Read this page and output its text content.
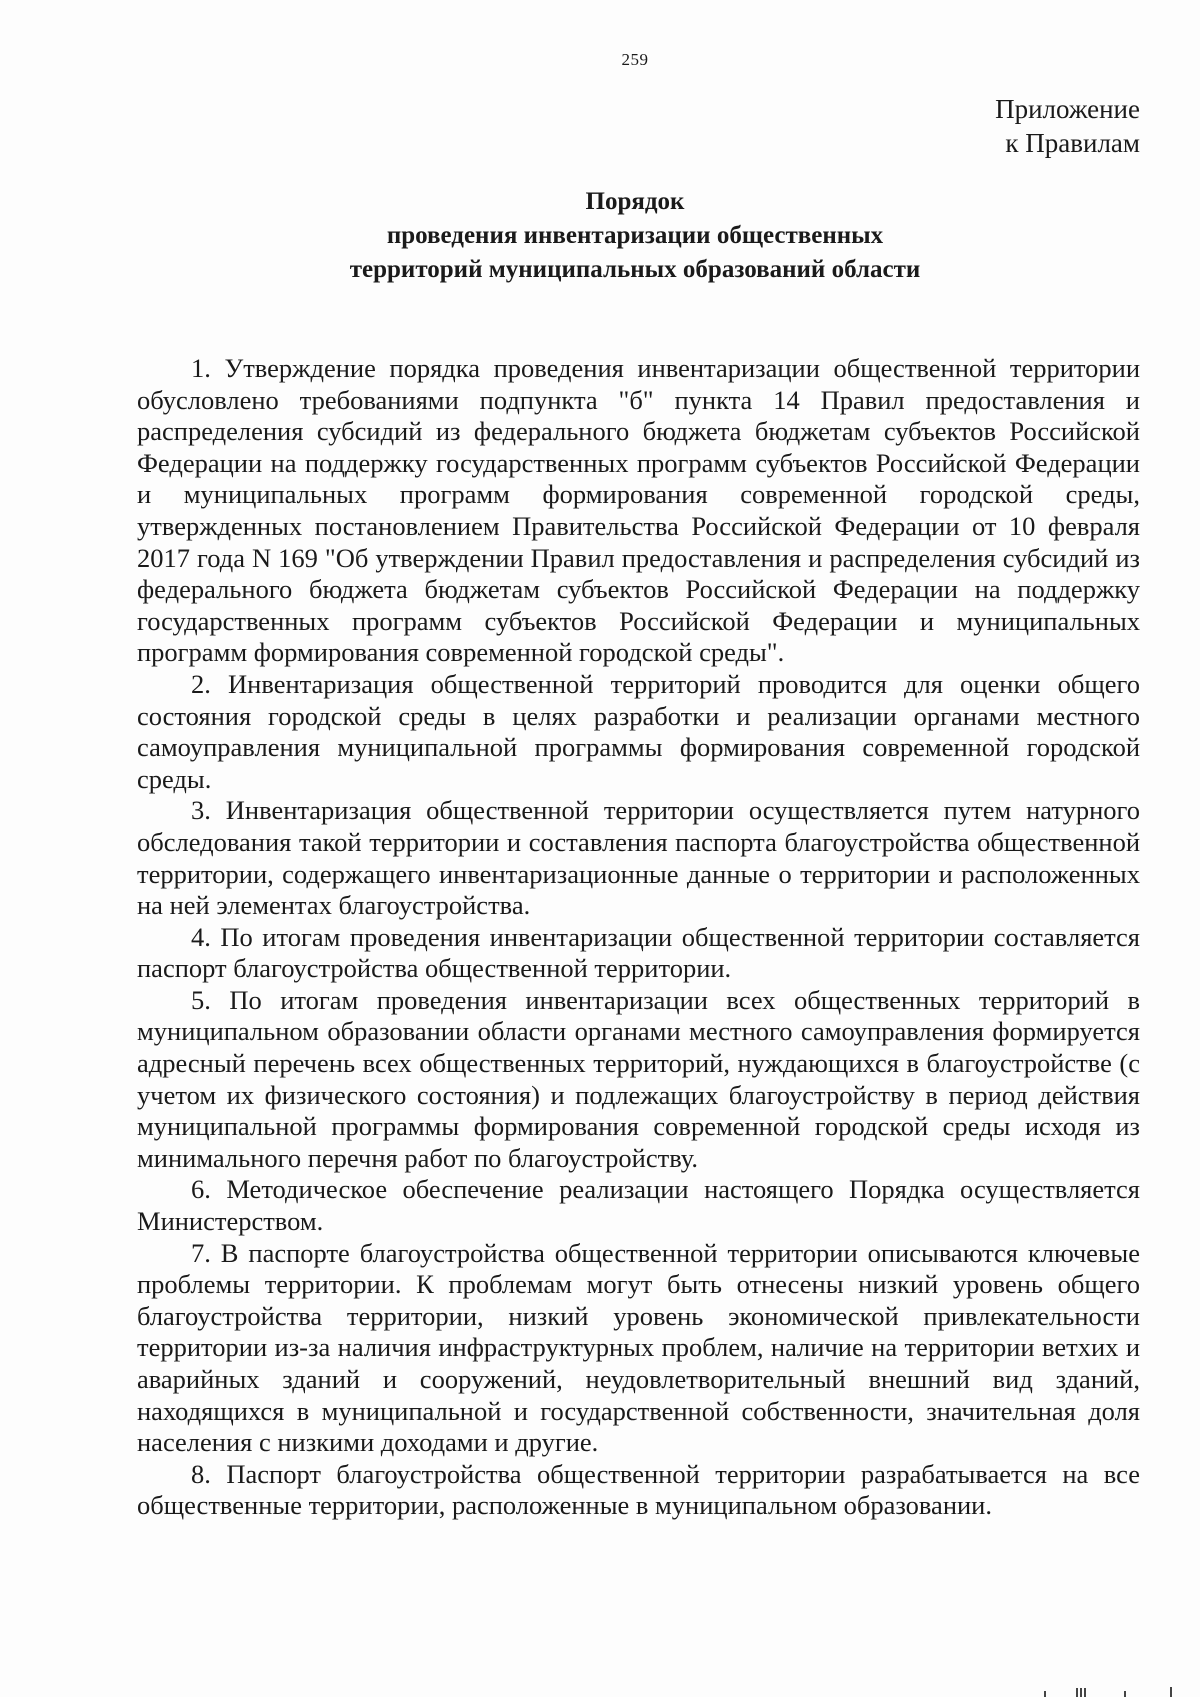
259
Приложение
к Правилам
Порядок
проведения инвентаризации общественных
территорий муниципальных образований области

1. Утверждение порядка проведения инвентаризации общественной территории обусловлено требованиями подпункта "б" пункта 14 Правил предоставления и распределения субсидий из федерального бюджета бюджетам субъектов Российской Федерации на поддержку государственных программ субъектов Российской Федерации и муниципальных программ формирования современной городской среды, утвержденных постановлением Правительства Российской Федерации от 10 февраля 2017 года N 169 "Об утверждении Правил предоставления и распределения субсидий из федерального бюджета бюджетам субъектов Российской Федерации на поддержку государственных программ субъектов Российской Федерации и муниципальных программ формирования современной городской среды".

2. Инвентаризация общественной территорий проводится для оценки общего состояния городской среды в целях разработки и реализации органами местного самоуправления муниципальной программы формирования современной городской среды.

3. Инвентаризация общественной территории осуществляется путем натурного обследования такой территории и составления паспорта благоустройства общественной территории, содержащего инвентаризационные данные о территории и расположенных на ней элементах благоустройства.

4. По итогам проведения инвентаризации общественной территории составляется паспорт благоустройства общественной территории.

5. По итогам проведения инвентаризации всех общественных территорий в муниципальном образовании области органами местного самоуправления формируется адресный перечень всех общественных территорий, нуждающихся в благоустройстве (с учетом их физического состояния) и подлежащих благоустройству в период действия муниципальной программы формирования современной городской среды исходя из минимального перечня работ по благоустройству.

6. Методическое обеспечение реализации настоящего Порядка осуществляется Министерством.

7. В паспорте благоустройства общественной территории описываются ключевые проблемы территории. К проблемам могут быть отнесены низкий уровень общего благоустройства территории, низкий уровень экономической привлекательности территории из-за наличия инфраструктурных проблем, наличие на территории ветхих и аварийных зданий и сооружений, неудовлетворительный внешний вид зданий, находящихся в муниципальной и государственной собственности, значительная доля населения с низкими доходами и другие.

8. Паспорт благоустройства общественной территории разрабатывается на все общественные территории, расположенные в муниципальном образовании.
